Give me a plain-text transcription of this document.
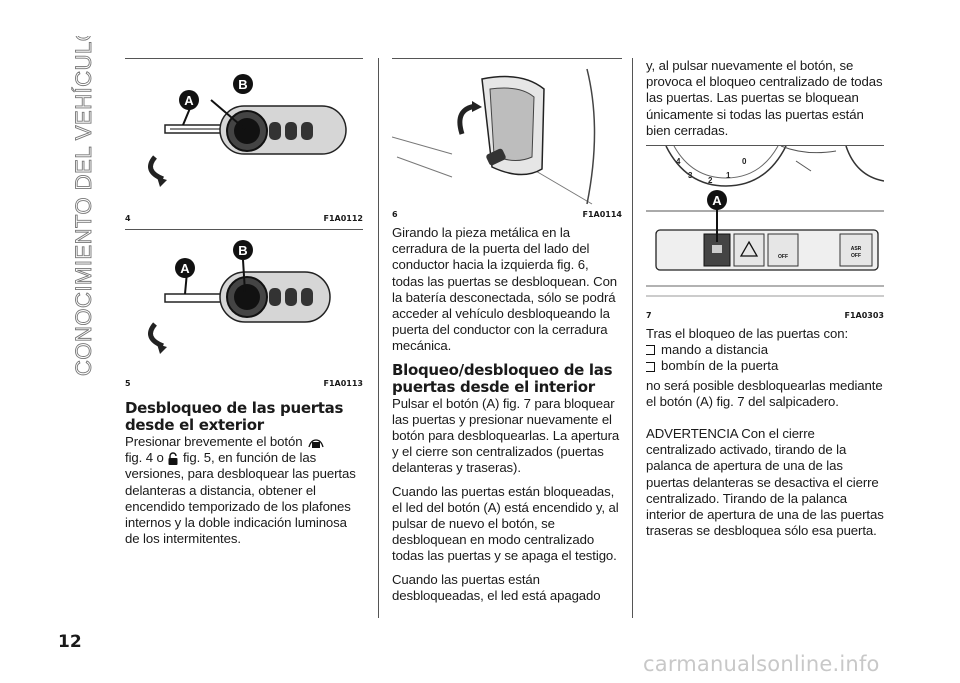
CONOCIMIENTO DEL VEHÍCULO
12
A
B
4	F1A0112
A
B
5	F1A0113
Desbloqueo de las puertas desde el exterior

Presionar brevemente el botón
fig. 4 o fig. 5, en función de las versiones, para desbloquear las puertas delanteras a distancia, obtener el encendido temporizado de los plafones internos y la doble indicación luminosa de los intermitentes.

6	F1A0114

Girando la pieza metálica en la cerradura de la puerta del lado del conductor hacia la izquierda fig. 6, todas las puertas se desbloquean. Con la batería desconectada, sólo se podrá acceder al vehículo desbloqueando la puerta del conductor con la cerradura mecánica.

Bloqueo/desbloqueo de las puertas desde el interior

Pulsar el botón (A) fig. 7 para bloquear las puertas y presionar nuevamente el botón para desbloquearlas. La apertura y el cierre son centralizados (puertas delanteras y traseras).

Cuando las puertas están bloqueadas, el led del botón (A) está encendido y, al pulsar de nuevo el botón, se desbloquean en modo centralizado todas las puertas y se apaga el testigo.

Cuando las puertas están desbloqueadas, el led está apagado

y, al pulsar nuevamente el botón, se provoca el bloqueo centralizado de todas las puertas. Las puertas se bloquean únicamente si todas las puertas están bien cerradas.

4
3
2
1
0
OFF
ASR
OFF
A
7	F1A0303

Tras el bloqueo de las puertas con:

mando a distancia
bombín de la puerta

no será posible desbloquearlas mediante el botón (A) fig. 7 del salpicadero.

ADVERTENCIA Con el cierre centralizado activado, tirando de la palanca de apertura de una de las puertas delanteras se desactiva el cierre centralizado. Tirando de la palanca interior de apertura de una de las puertas traseras se desbloquea sólo esa puerta.

carmanualsonline.info
